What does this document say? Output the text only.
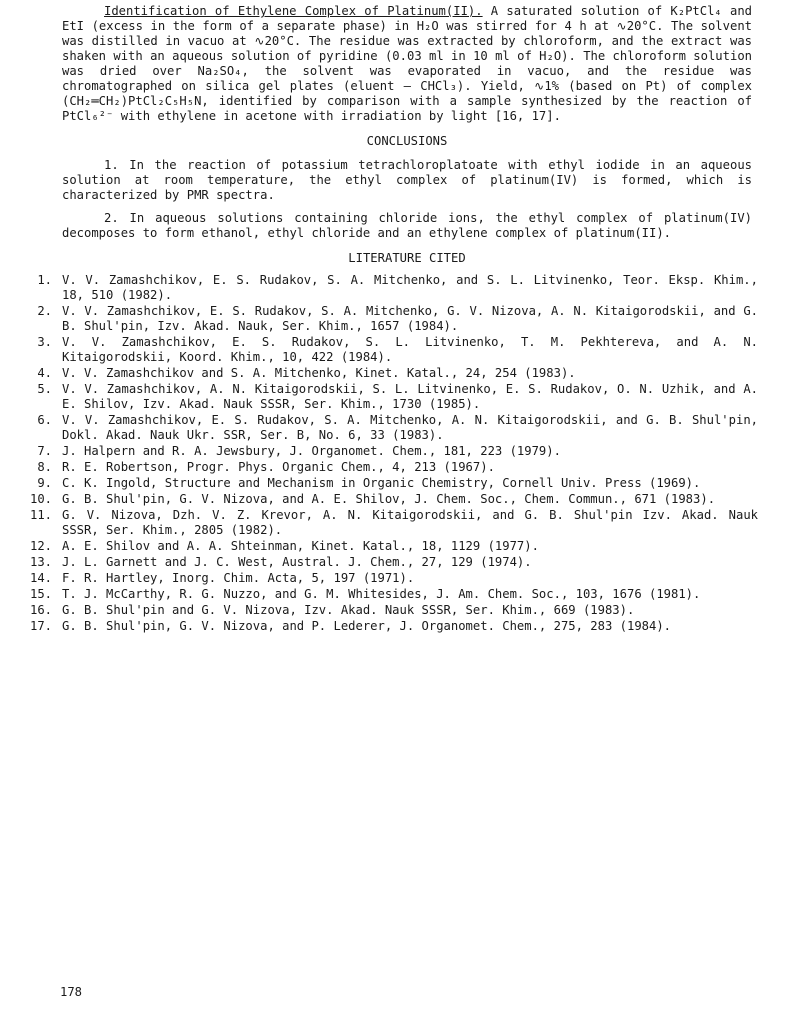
Identification of Ethylene Complex of Platinum(II). A saturated solution of K₂PtCl₄ and EtI (excess in the form of a separate phase) in H₂O was stirred for 4 h at ∿20°C. The solvent was distilled in vacuo at ∿20°C. The residue was extracted by chloroform, and the extract was shaken with an aqueous solution of pyridine (0.03 ml in 10 ml of H₂O). The chloroform solution was dried over Na₂SO₄, the solvent was evaporated in vacuo, and the residue was chromatographed on silica gel plates (eluent — CHCl₃). Yield, ∿1% (based on Pt) of complex (CH₂═CH₂)PtCl₂C₅H₅N, identified by comparison with a sample synthesized by the reaction of PtCl₆²⁻ with ethylene in acetone with irradiation by light [16, 17].

CONCLUSIONS

1. In the reaction of potassium tetrachloroplatoate with ethyl iodide in an aqueous solution at room temperature, the ethyl complex of platinum(IV) is formed, which is characterized by PMR spectra.

2. In aqueous solutions containing chloride ions, the ethyl complex of platinum(IV) decomposes to form ethanol, ethyl chloride and an ethylene complex of platinum(II).

LITERATURE CITED

1. V. V. Zamashchikov, E. S. Rudakov, S. A. Mitchenko, and S. L. Litvinenko, Teor. Eksp. Khim., 18, 510 (1982).
2. V. V. Zamashchikov, E. S. Rudakov, S. A. Mitchenko, G. V. Nizova, A. N. Kitaigorodskii, and G. B. Shul'pin, Izv. Akad. Nauk, Ser. Khim., 1657 (1984).
3. V. V. Zamashchikov, E. S. Rudakov, S. L. Litvinenko, T. M. Pekhtereva, and A. N. Kitaigorodskii, Koord. Khim., 10, 422 (1984).
4. V. V. Zamashchikov and S. A. Mitchenko, Kinet. Katal., 24, 254 (1983).
5. V. V. Zamashchikov, A. N. Kitaigorodskii, S. L. Litvinenko, E. S. Rudakov, O. N. Uzhik, and A. E. Shilov, Izv. Akad. Nauk SSSR, Ser. Khim., 1730 (1985).
6. V. V. Zamashchikov, E. S. Rudakov, S. A. Mitchenko, A. N. Kitaigorodskii, and G. B. Shul'pin, Dokl. Akad. Nauk Ukr. SSR, Ser. B, No. 6, 33 (1983).
7. J. Halpern and R. A. Jewsbury, J. Organomet. Chem., 181, 223 (1979).
8. R. E. Robertson, Progr. Phys. Organic Chem., 4, 213 (1967).
9. C. K. Ingold, Structure and Mechanism in Organic Chemistry, Cornell Univ. Press (1969).
10. G. B. Shul'pin, G. V. Nizova, and A. E. Shilov, J. Chem. Soc., Chem. Commun., 671 (1983).
11. G. V. Nizova, Dzh. V. Z. Krevor, A. N. Kitaigorodskii, and G. B. Shul'pin Izv. Akad. Nauk SSSR, Ser. Khim., 2805 (1982).
12. A. E. Shilov and A. A. Shteinman, Kinet. Katal., 18, 1129 (1977).
13. J. L. Garnett and J. C. West, Austral. J. Chem., 27, 129 (1974).
14. F. R. Hartley, Inorg. Chim. Acta, 5, 197 (1971).
15. T. J. McCarthy, R. G. Nuzzo, and G. M. Whitesides, J. Am. Chem. Soc., 103, 1676 (1981).
16. G. B. Shul'pin and G. V. Nizova, Izv. Akad. Nauk SSSR, Ser. Khim., 669 (1983).
17. G. B. Shul'pin, G. V. Nizova, and P. Lederer, J. Organomet. Chem., 275, 283 (1984).

178
